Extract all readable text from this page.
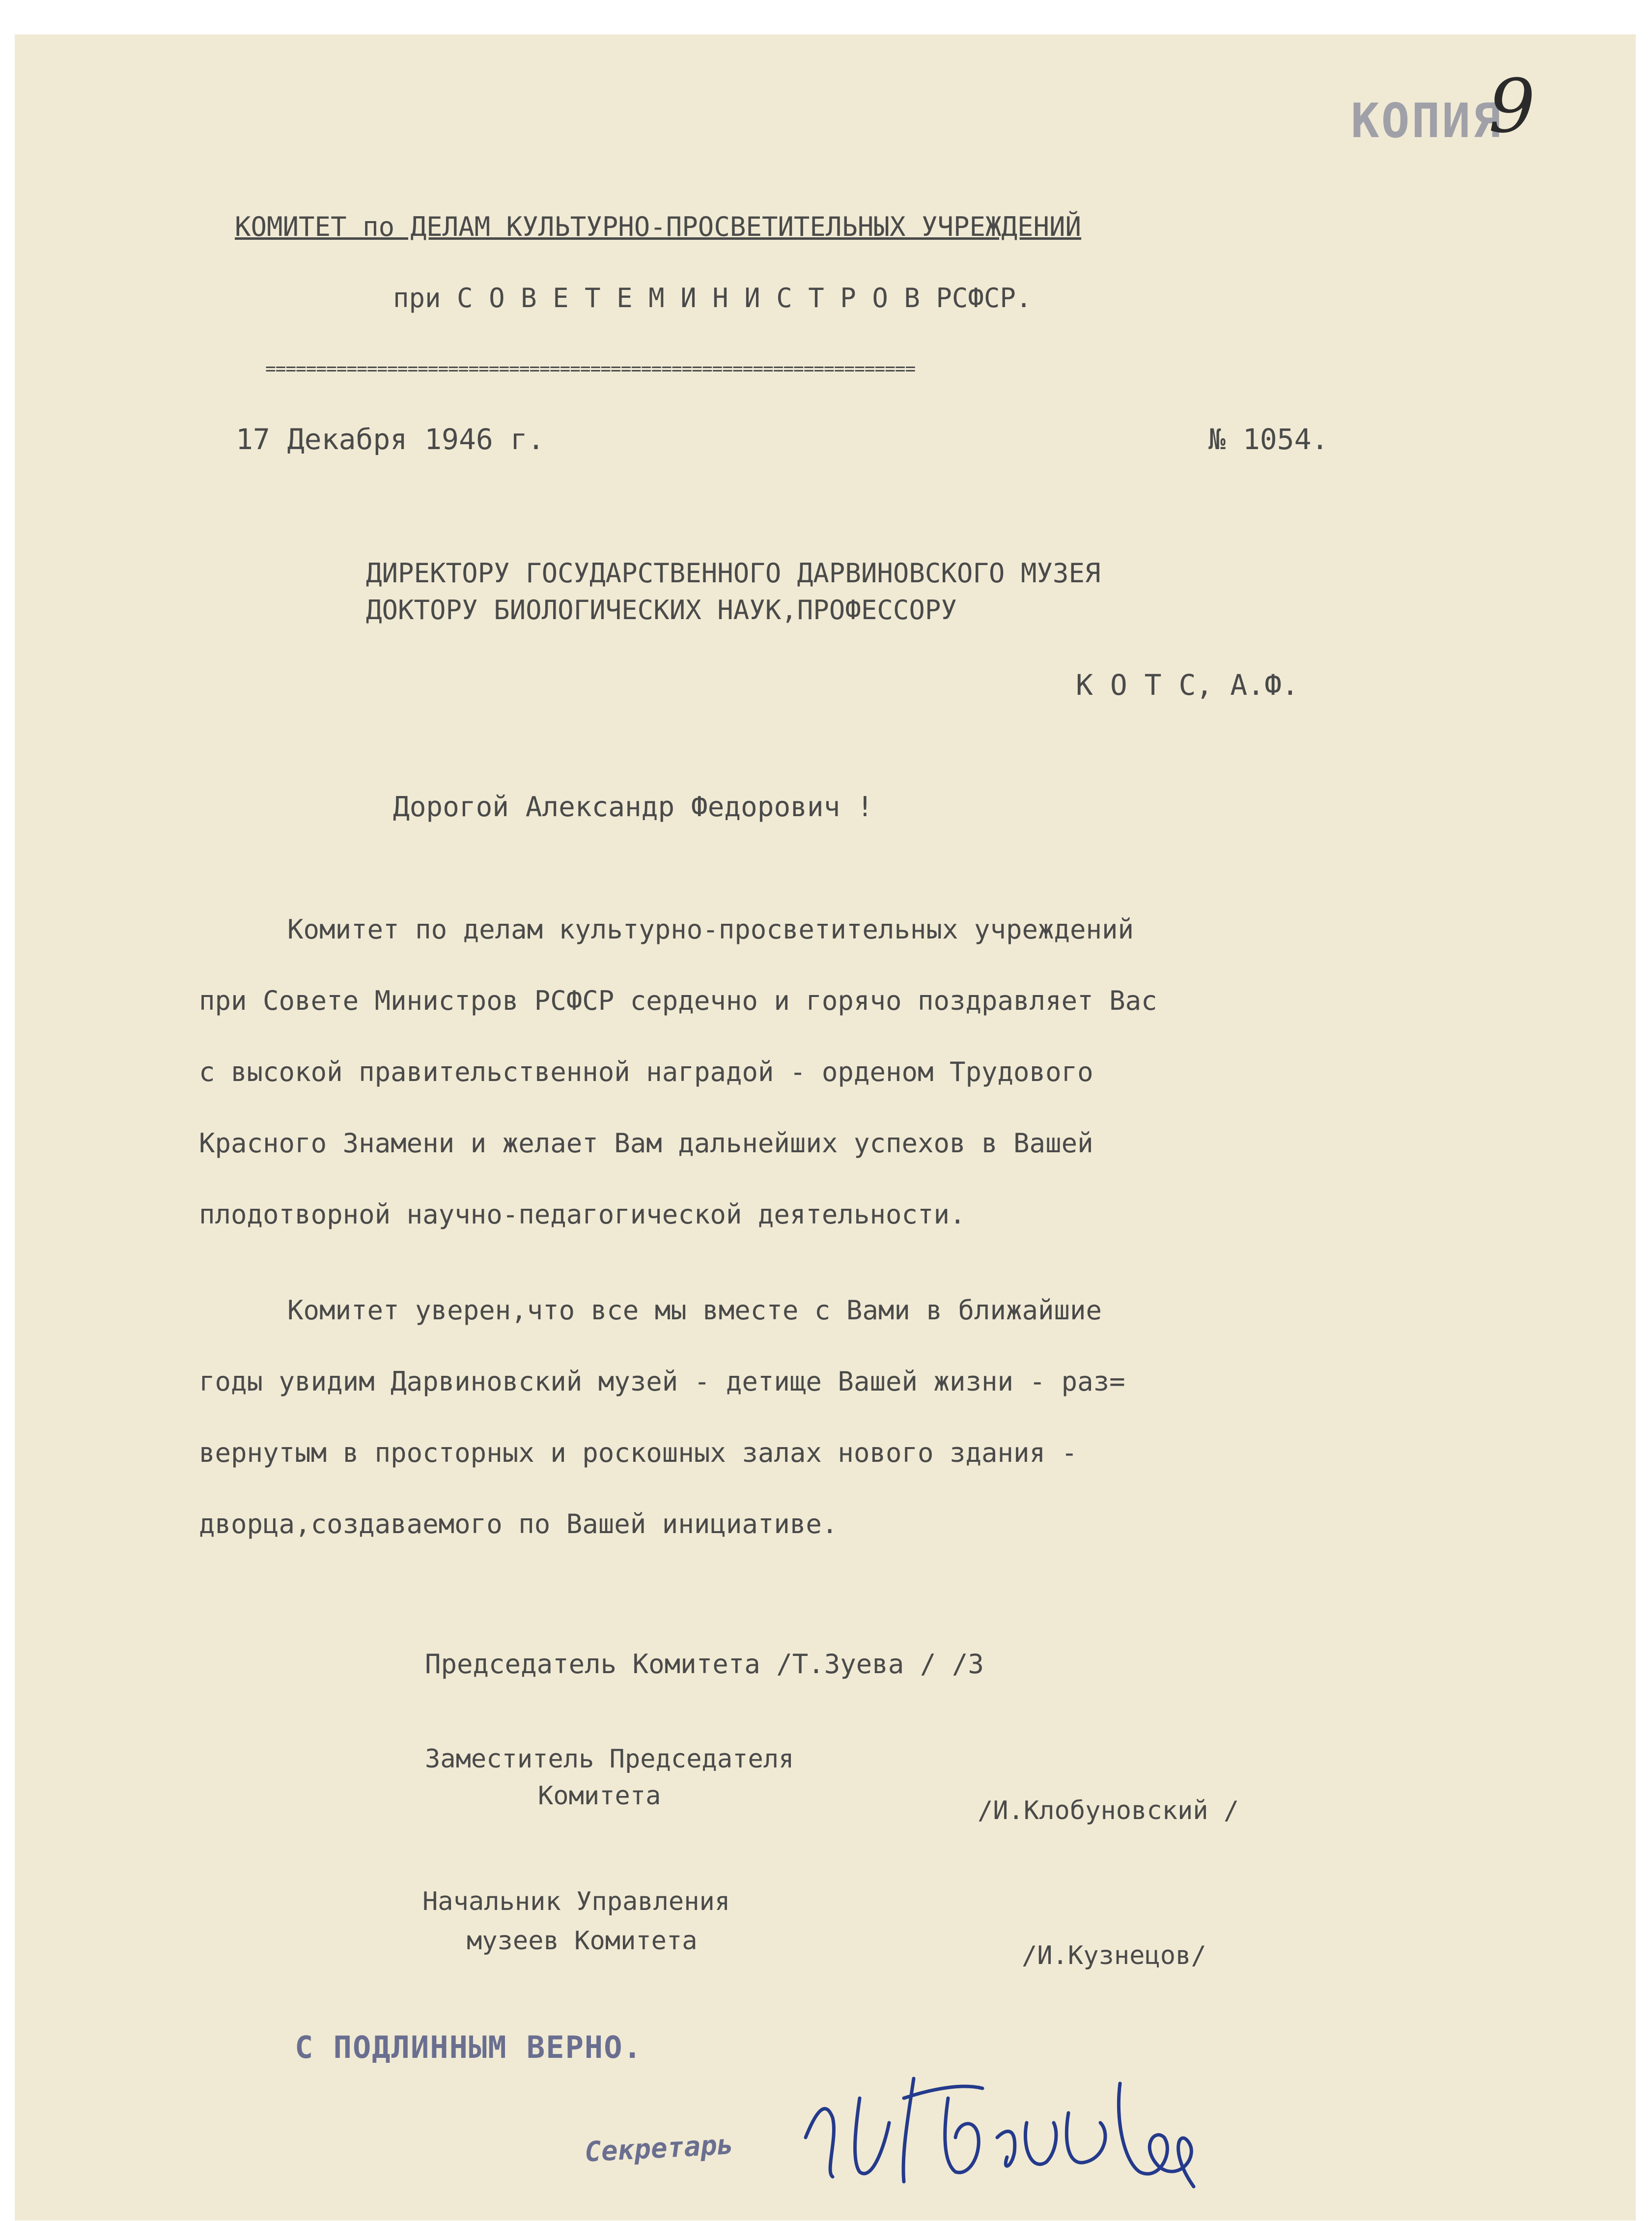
КОПИЯ
9
КОМИТЕТ по ДЕЛАМ КУЛЬТУРНО-ПРОСВЕТИТЕЛЬНЫХ УЧРЕЖДЕНИЙ
при С О В Е Т Е М И Н И С Т Р О В РСФСР.
================================================================
17 Декабря 1946 г.	№ 1054.
ДИРЕКТОРУ ГОСУДАРСТВЕННОГО ДАРВИНОВСКОГО МУЗЕЯ
ДОКТОРУ БИОЛОГИЧЕСКИХ НАУК,ПРОФЕССОРУ
К О Т С, А.Ф.
Дорогой Александр Федорович !
Комитет по делам культурно-просветительных учреждений
при Совете Министров РСФСР сердечно и горячо поздравляет Вас
с высокой правительственной наградой - орденом Трудового
Красного Знамени и желает Вам дальнейших успехов в Вашей
плодотворной научно-педагогической деятельности.
Комитет уверен,что все мы вместе с Вами в ближайшие
годы увидим Дарвиновский музей - детище Вашей жизни - раз=
вернутым в просторных и роскошных залах нового здания -
дворца,создаваемого по Вашей инициативе.
Председатель Комитета /Т.Зуева / /З
Заместитель Председателя
Комитета	/И.Клобуновский /
Начальник Управления
музеев Комитета	/И.Кузнецов/
С ПОДЛИННЫМ ВЕРНО.
Секретарь
